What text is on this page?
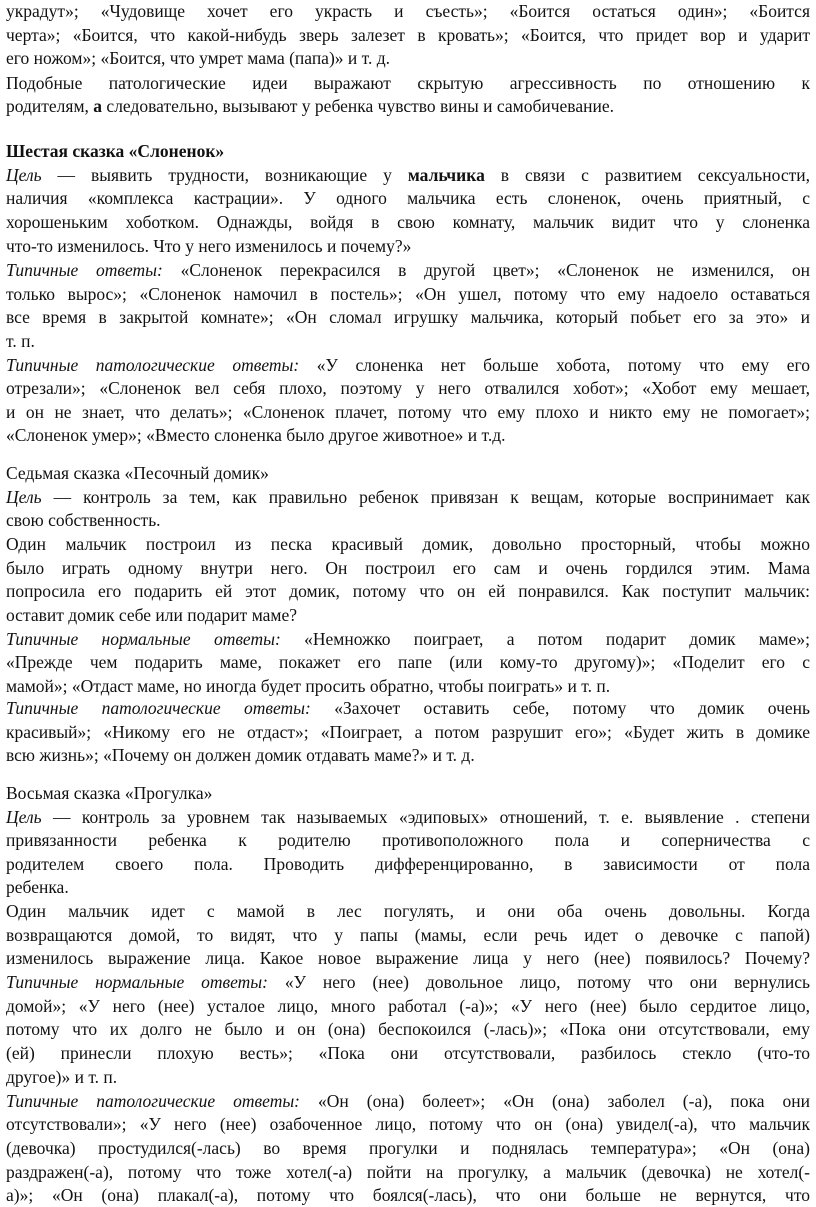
украдут»; «Чудовище хочет его украсть и съесть»; «Боится остаться один»; «Боится
черта»; «Боится, что какой-нибудь зверь залезет в кровать»; «Боится, что придет вор и ударит
его ножом»; «Боится, что умрет мама (папа)» и т. д.
Подобные патологические идеи выражают скрытую агрессивность по отношению к
родителям, а следовательно, вызывают у ребенка чувство вины и самобичевание.
Шестая сказка «Слоненок»
Цель — выявить трудности, возникающие у мальчика в связи с развитием сексуальности,
наличия «комплекса кастрации». У одного мальчика есть слоненок, очень приятный, с
хорошеньким хоботком. Однажды, войдя в свою комнату, мальчик видит что у слоненка
что-то изменилось. Что у него изменилось и почему?»
Типичные ответы: «Слоненок перекрасился в другой цвет»; «Слоненок не изменился, он
только вырос»; «Слоненок намочил в постель»; «Он ушел, потому что ему надоело оставаться
все время в закрытой комнате»; «Он сломал игрушку мальчика, который побьет его за это» и
т. п.
Типичные патологические ответы: «У слоненка нет больше хобота, потому что ему его
отрезали»; «Слоненок вел себя плохо, поэтому у него отвалился хобот»; «Хобот ему мешает,
и он не знает, что делать»; «Слоненок плачет, потому что ему плохо и никто ему не помогает»;
«Слоненок умер»; «Вместо слоненка было другое животное» и т.д.
Седьмая сказка «Песочный домик»
Цель — контроль за тем, как правильно ребенок привязан к вещам, которые воспринимает как
свою собственность.
Один мальчик построил из песка красивый домик, довольно просторный, чтобы можно
было играть одному внутри него. Он построил его сам и очень гордился этим. Мама
попросила его подарить ей этот домик, потому что он ей понравился. Как поступит мальчик:
оставит домик себе или подарит маме?
Типичные нормальные ответы: «Немножко поиграет, а потом подарит домик маме»;
«Прежде чем подарить маме, покажет его папе (или кому-то другому)»; «Поделит его с
мамой»; «Отдаст маме, но иногда будет просить обратно, чтобы поиграть» и т. п.
Типичные патологические ответы: «Захочет оставить себе, потому что домик очень
красивый»; «Никому его не отдаст»; «Поиграет, а потом разрушит его»; «Будет жить в домике
всю жизнь»; «Почему он должен домик отдавать маме?» и т. д.
Восьмая сказка «Прогулка»
Цель — контроль за уровнем так называемых «эдиповых» отношений, т. е. выявление . степени
привязанности ребенка к родителю противоположного пола и соперничества с
родителем своего пола. Проводить дифференцированно, в зависимости от пола
ребенка.
Один мальчик идет с мамой в лес погулять, и они оба очень довольны. Когда
возвращаются домой, то видят, что у папы (мамы, если речь идет о девочке с папой)
изменилось выражение лица. Какое новое выражение лица у него (нее) появилось? Почему?
Типичные нормальные ответы: «У него (нее) довольное лицо, потому что они вернулись
домой»; «У него (нее) усталое лицо, много работал (-а)»; «У него (нее) было сердитое лицо,
потому что их долго не было и он (она) беспокоился (-лась)»; «Пока они отсутствовали, ему
(ей) принесли плохую весть»; «Пока они отсутствовали, разбилось стекло (что-то
другое)» и т. п.
Типичные патологические ответы: «Он (она) болеет»; «Он (она) заболел (-а), пока они
отсутствовали»; «У него (нее) озабоченное лицо, потому что он (она) увидел(-а), что мальчик
(девочка) простудился(-лась) во время прогулки и поднялась температура»; «Он (она)
раздражен(-а), потому что тоже хотел(-а) пойти на прогулку, а мальчик (девочка) не хотел(-
а)»; «Он (она) плакал(-а), потому что боялся(-лась), что они больше не вернутся, что
